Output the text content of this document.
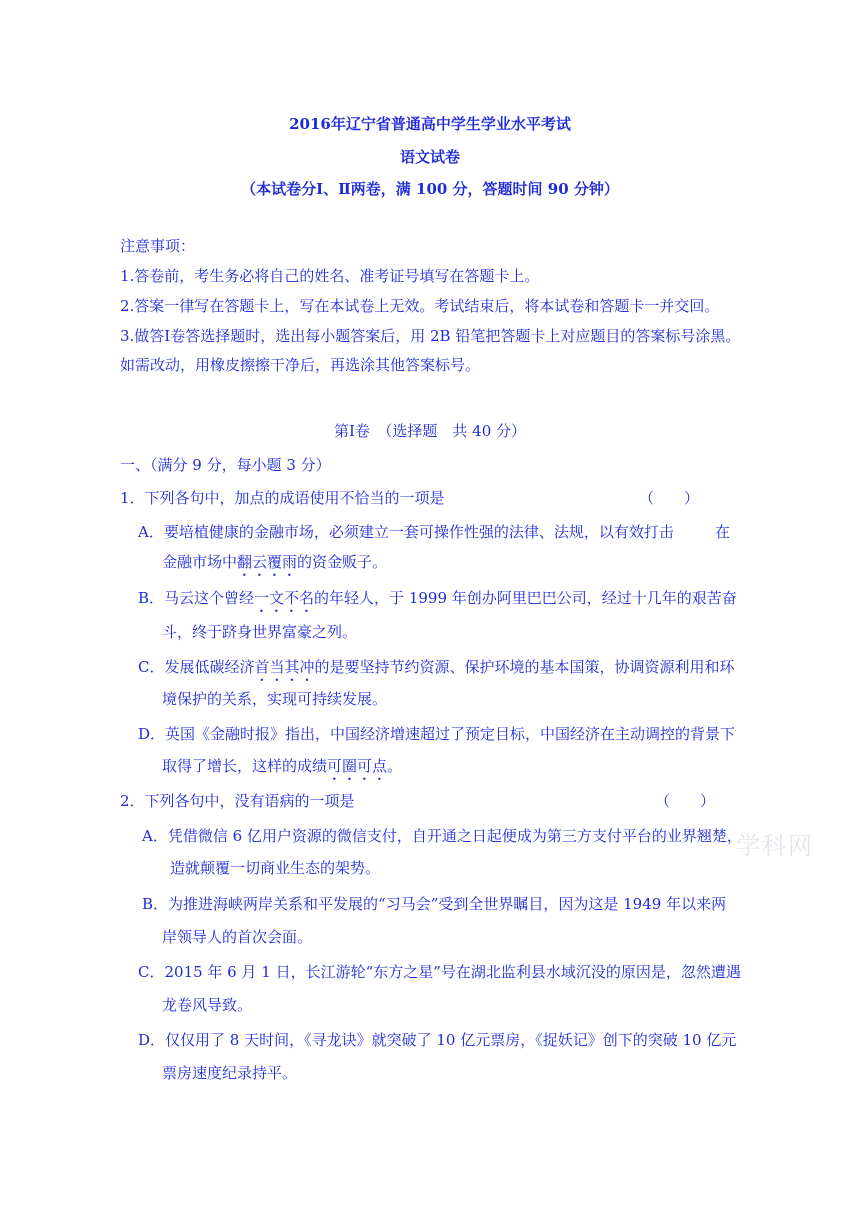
2016年辽宁省普通高中学生学业水平考试
语文试卷
（本试卷分Ⅰ、Ⅱ两卷，满 100 分，答题时间 90 分钟）
注意事项：
1.答卷前，考生务必将自己的姓名、准考证号填写在答题卡上。
2.答案一律写在答题卡上，写在本试卷上无效。考试结束后，将本试卷和答题卡一并交回。
3.做答Ⅰ卷答选择题时，选出每小题答案后，用 2B 铅笔把答题卡上对应题目的答案标号涂黑。
如需改动，用橡皮擦擦干净后，再选涂其他答案标号。
第Ⅰ卷　（选择题　共 40 分）
一、（满分 9 分，每小题 3 分）
1．下列各句中，加点的成语使用不恰当的一项是	（　　）
A．要培植健康的金融市场，必须建立一套可操作性强的法律、法规，以有效打击	在
金融市场中翻云覆雨的资金贩子。
B．马云这个曾经一文不名的年轻人，于 1999 年创办阿里巴巴公司，经过十几年的艰苦奋
斗，终于跻身世界富豪之列。
C．发展低碳经济首当其冲的是要坚持节约资源、保护环境的基本国策，协调资源利用和环
境保护的关系，实现可持续发展。
D．英国《金融时报》指出，中国经济增速超过了预定目标，中国经济在主动调控的背景下
取得了增长，这样的成绩可圈可点。
2．下列各句中，没有语病的一项是	（　　）
A．凭借微信 6 亿用户资源的微信支付，自开通之日起便成为第三方支付平台的业界翘楚，
造就颠覆一切商业生态的架势。
B．为推进海峡两岸关系和平发展的“习马会”受到全世界瞩目，因为这是 1949 年以来两
岸领导人的首次会面。
C．2015 年 6 月 1 日，长江游轮“东方之星”号在湖北监利县水域沉没的原因是，忽然遭遇
龙卷风导致。
D．仅仅用了 8 天时间，《寻龙诀》就突破了 10 亿元票房，《捉妖记》创下的突破 10 亿元
票房速度纪录持平。
学科网
